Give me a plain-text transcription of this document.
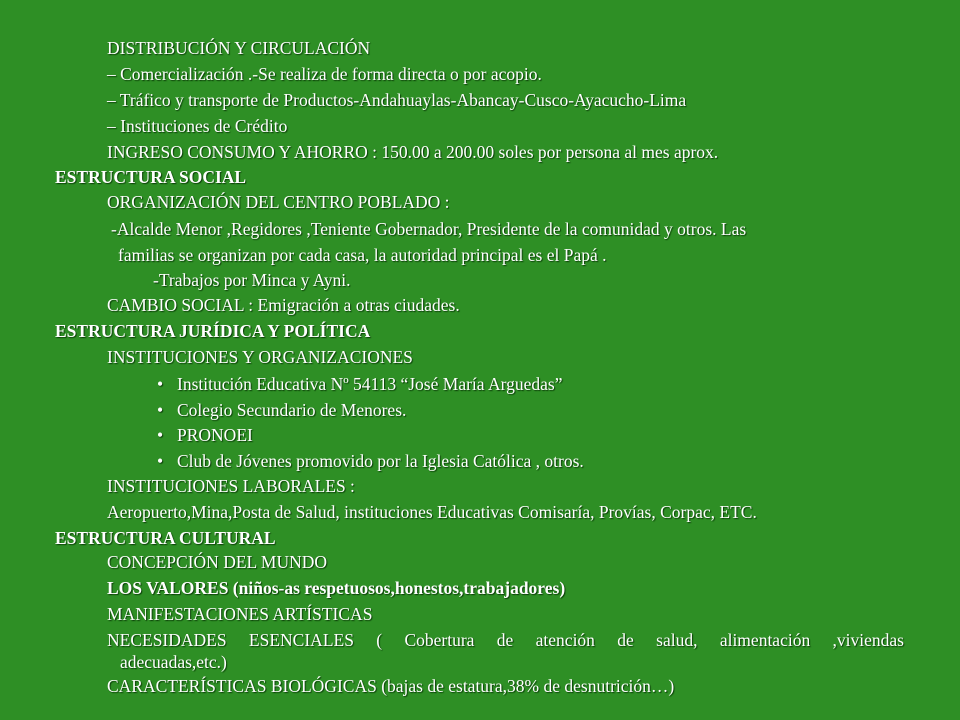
DISTRIBUCIÓN Y CIRCULACIÓN
– Comercialización .-Se realiza de forma directa o por acopio.
– Tráfico y transporte de Productos-Andahuaylas-Abancay-Cusco-Ayacucho-Lima
– Instituciones de Crédito
INGRESO CONSUMO Y AHORRO : 150.00 a 200.00 soles por persona al mes aprox.
ESTRUCTURA SOCIAL
ORGANIZACIÓN DEL CENTRO POBLADO :
-Alcalde Menor ,Regidores ,Teniente Gobernador, Presidente de la comunidad y otros. Las
familias se organizan por cada casa, la autoridad principal es el Papá .
-Trabajos por Minca y Ayni.
CAMBIO SOCIAL : Emigración a otras ciudades.
ESTRUCTURA JURÍDICA Y POLÍTICA
INSTITUCIONES Y ORGANIZACIONES
• Institución Educativa Nº 54113 “José María Arguedas”
• Colegio Secundario de Menores.
• PRONOEI
• Club de Jóvenes promovido por la Iglesia Católica , otros.
INSTITUCIONES LABORALES :
Aeropuerto,Mina,Posta de Salud, instituciones Educativas Comisaría, Provías, Corpac, ETC.
ESTRUCTURA CULTURAL
CONCEPCIÓN DEL MUNDO
LOS VALORES (niños-as respetuosos,honestos,trabajadores)
MANIFESTACIONES ARTÍSTICAS
NECESIDADES ESENCIALES ( Cobertura de atención de salud, alimentación ,viviendas
adecuadas,etc.)
CARACTERÍSTICAS BIOLÓGICAS (bajas de estatura,38% de desnutrición…)
